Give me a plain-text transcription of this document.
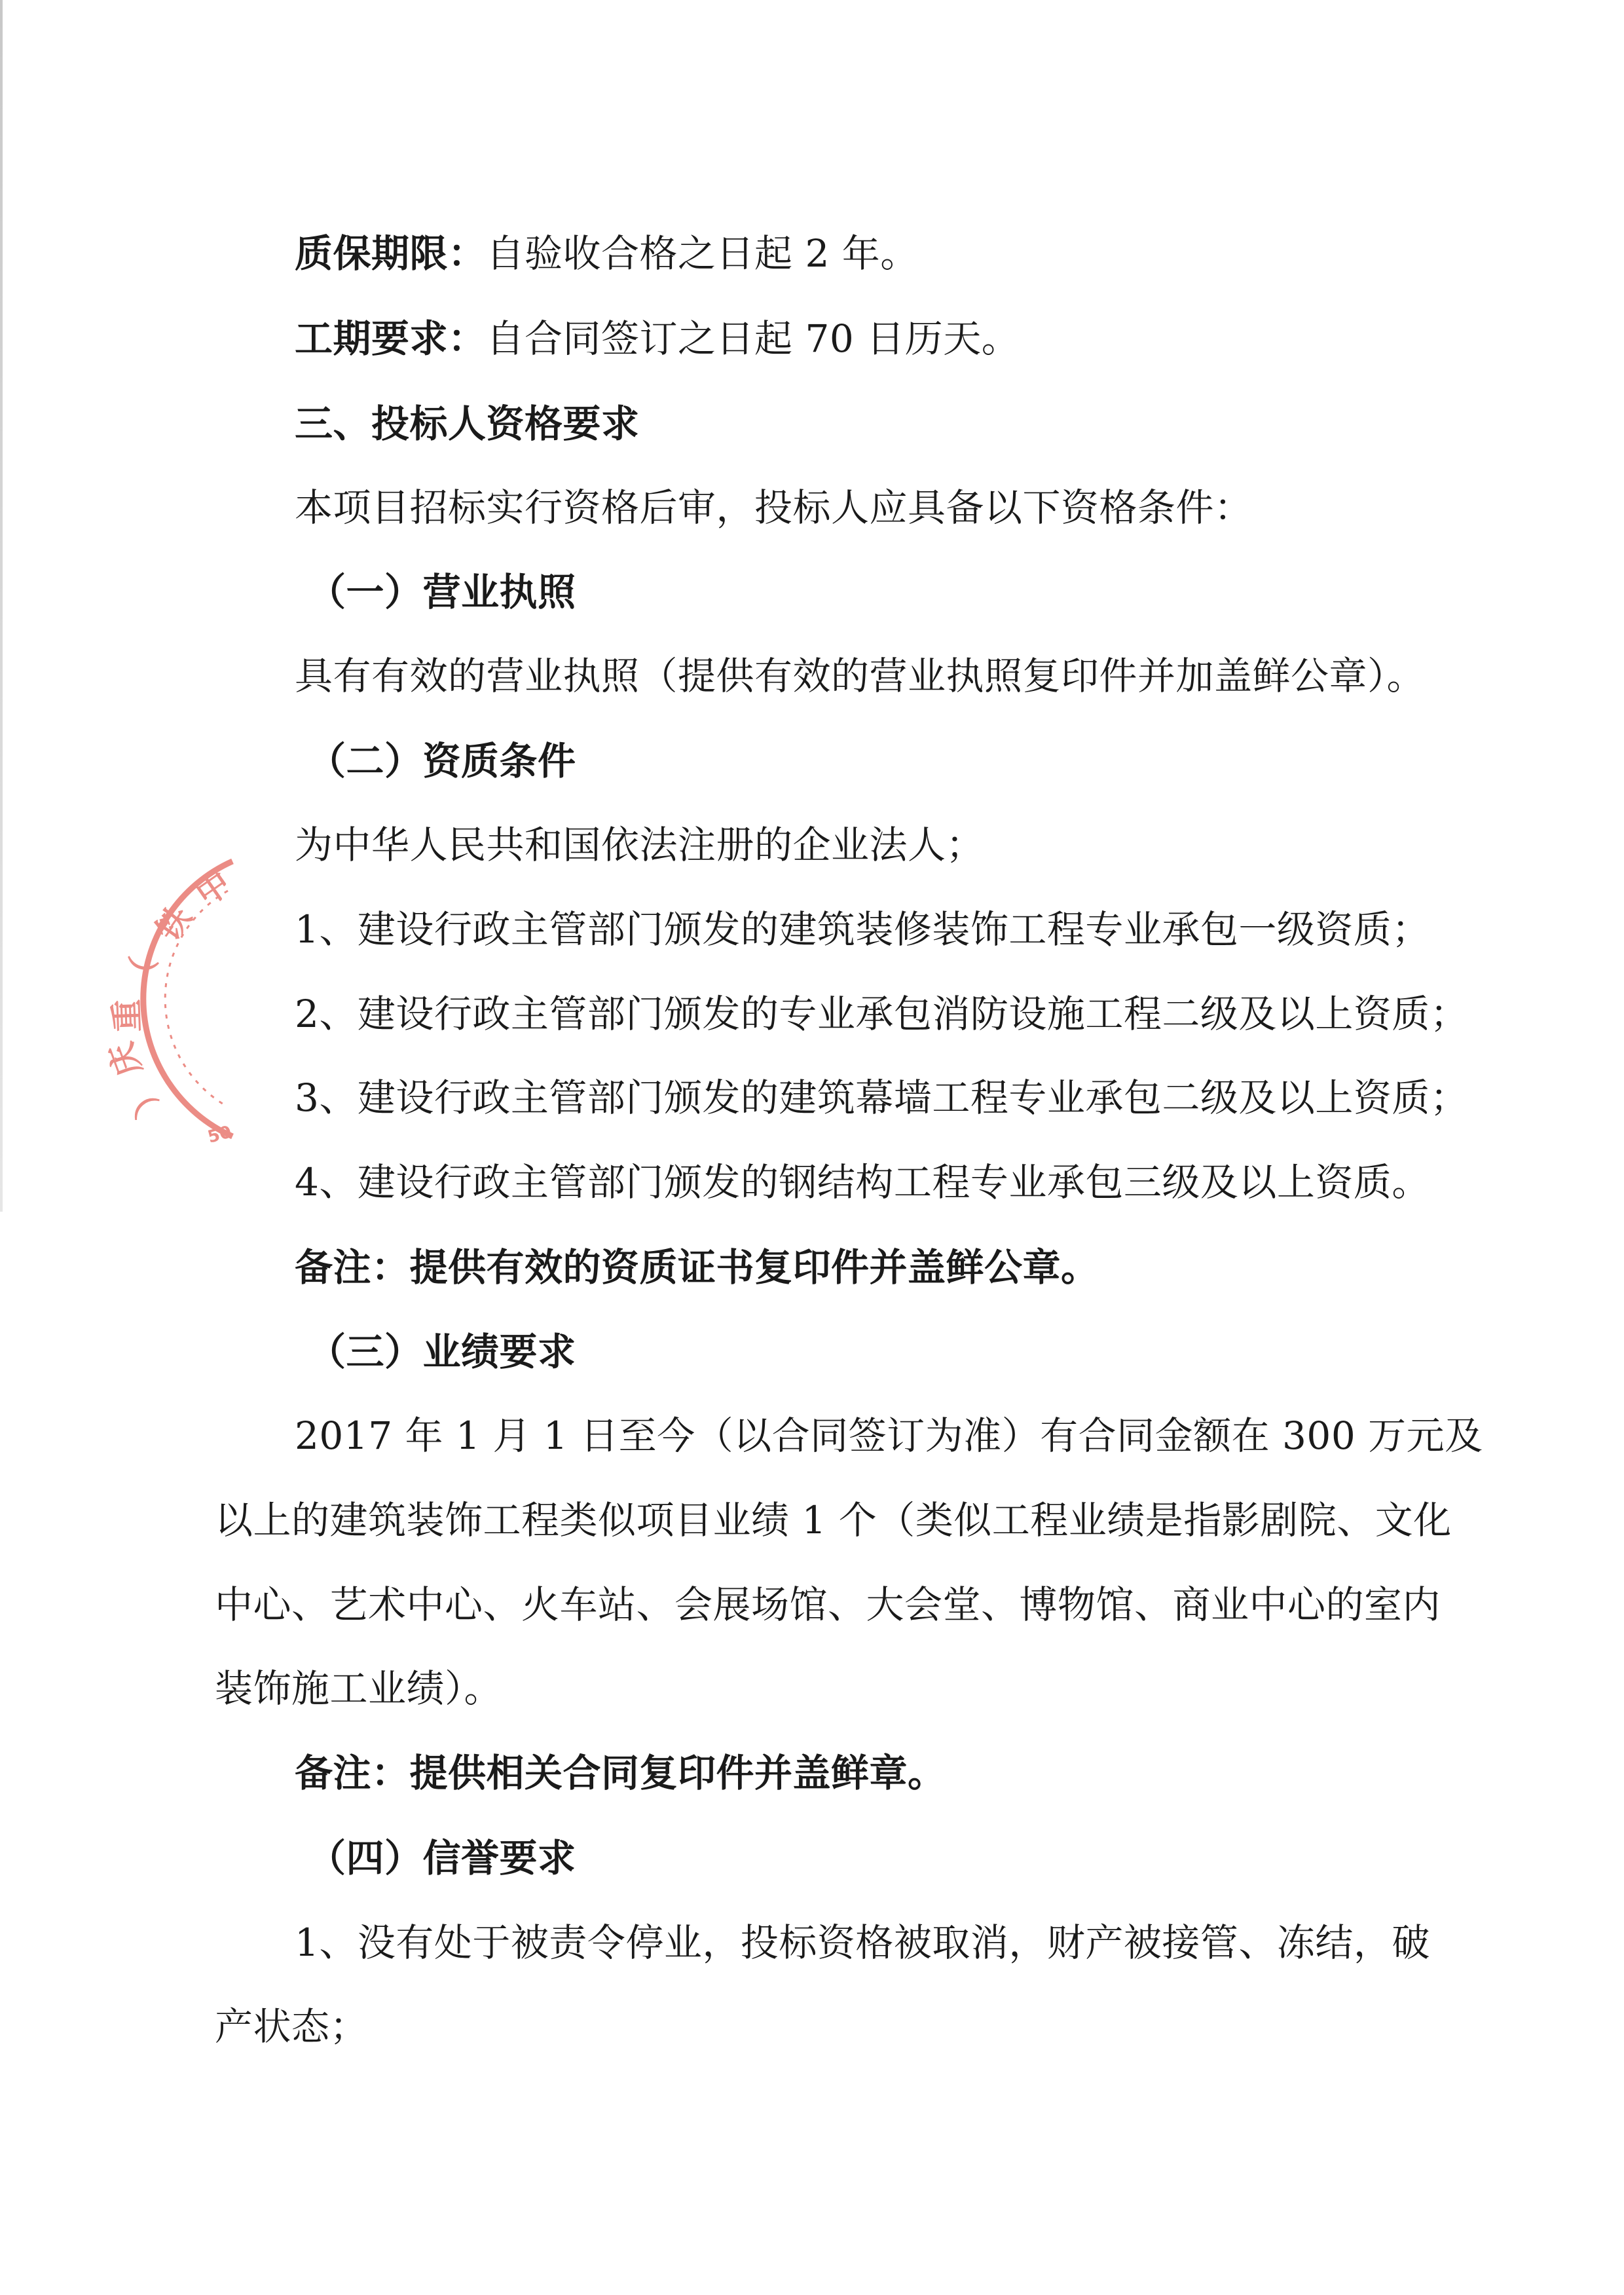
质保期限：自验收合格之日起 2 年。
工期要求：自合同签订之日起 70 日历天。
三、投标人资格要求
本项目招标实行资格后审，投标人应具备以下资格条件：
（一）营业执照
具有有效的营业执照（提供有效的营业执照复印件并加盖鲜公章）。
（二）资质条件
为中华人民共和国依法注册的企业法人；
1、建设行政主管部门颁发的建筑装修装饰工程专业承包一级资质；
2、建设行政主管部门颁发的专业承包消防设施工程二级及以上资质；
3、建设行政主管部门颁发的建筑幕墙工程专业承包二级及以上资质；
4、建设行政主管部门颁发的钢结构工程专业承包三级及以上资质。
备注：提供有效的资质证书复印件并盖鲜公章。
（三）业绩要求
2017 年 1 月 1 日至今（以合同签订为准）有合同金额在 300 万元及
以上的建筑装饰工程类似项目业绩 1 个（类似工程业绩是指影剧院、文化
中心、艺术中心、火车站、会展场馆、大会堂、博物馆、商业中心的室内
装饰施工业绩）。
备注：提供相关合同复印件并盖鲜章。
（四）信誉要求
1、没有处于被责令停业，投标资格被取消，财产被接管、冻结，破
产状态；
中
铁
（
重
庆
）
50
